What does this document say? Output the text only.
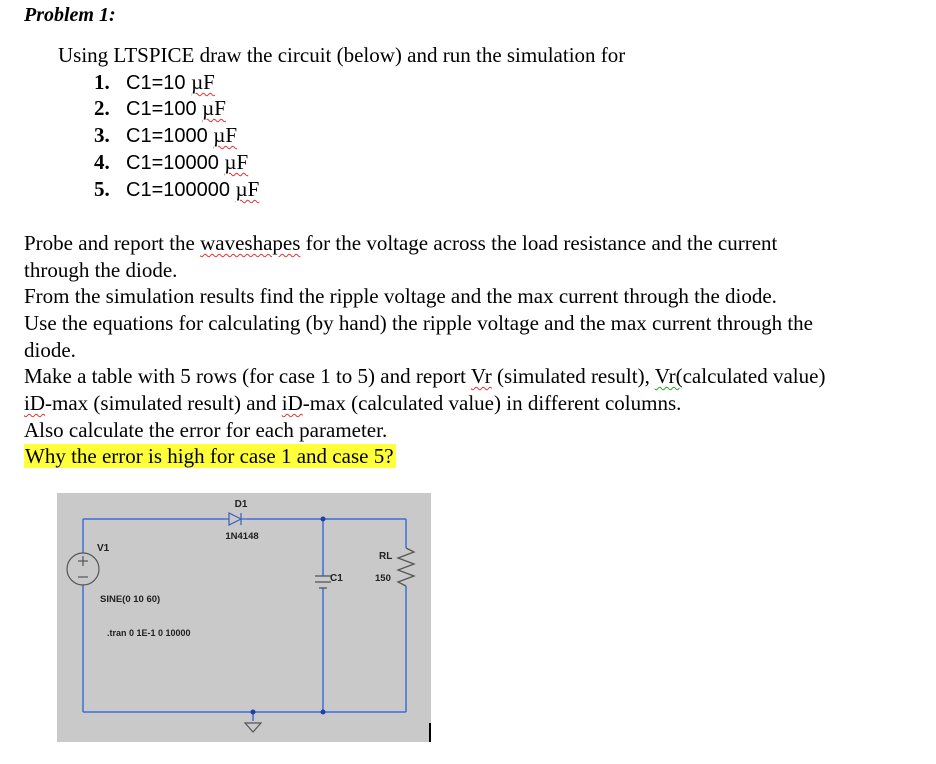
Problem 1:
Using LTSPICE draw the circuit (below) and run the simulation for
1. C1=10 µF
2. C1=100 µF
3. C1=1000 µF
4. C1=10000 µF
5. C1=100000 µF
Probe and report the waveshapes for the voltage across the load resistance and the current
through the diode.
From the simulation results find the ripple voltage and the max current through the diode.
Use the equations for calculating (by hand) the ripple voltage and the max current through the
diode.
Make a table with 5 rows (for case 1 to 5) and report Vr (simulated result), Vr(calculated value)
iD-max (simulated result) and iD-max (calculated value) in different columns.
Also calculate the error for each parameter.
Why the error is high for case 1 and case 5?
D1
1N4148
V1
SINE(0 10 60)
.tran 0 1E-1 0 10000
C1
RL
150
